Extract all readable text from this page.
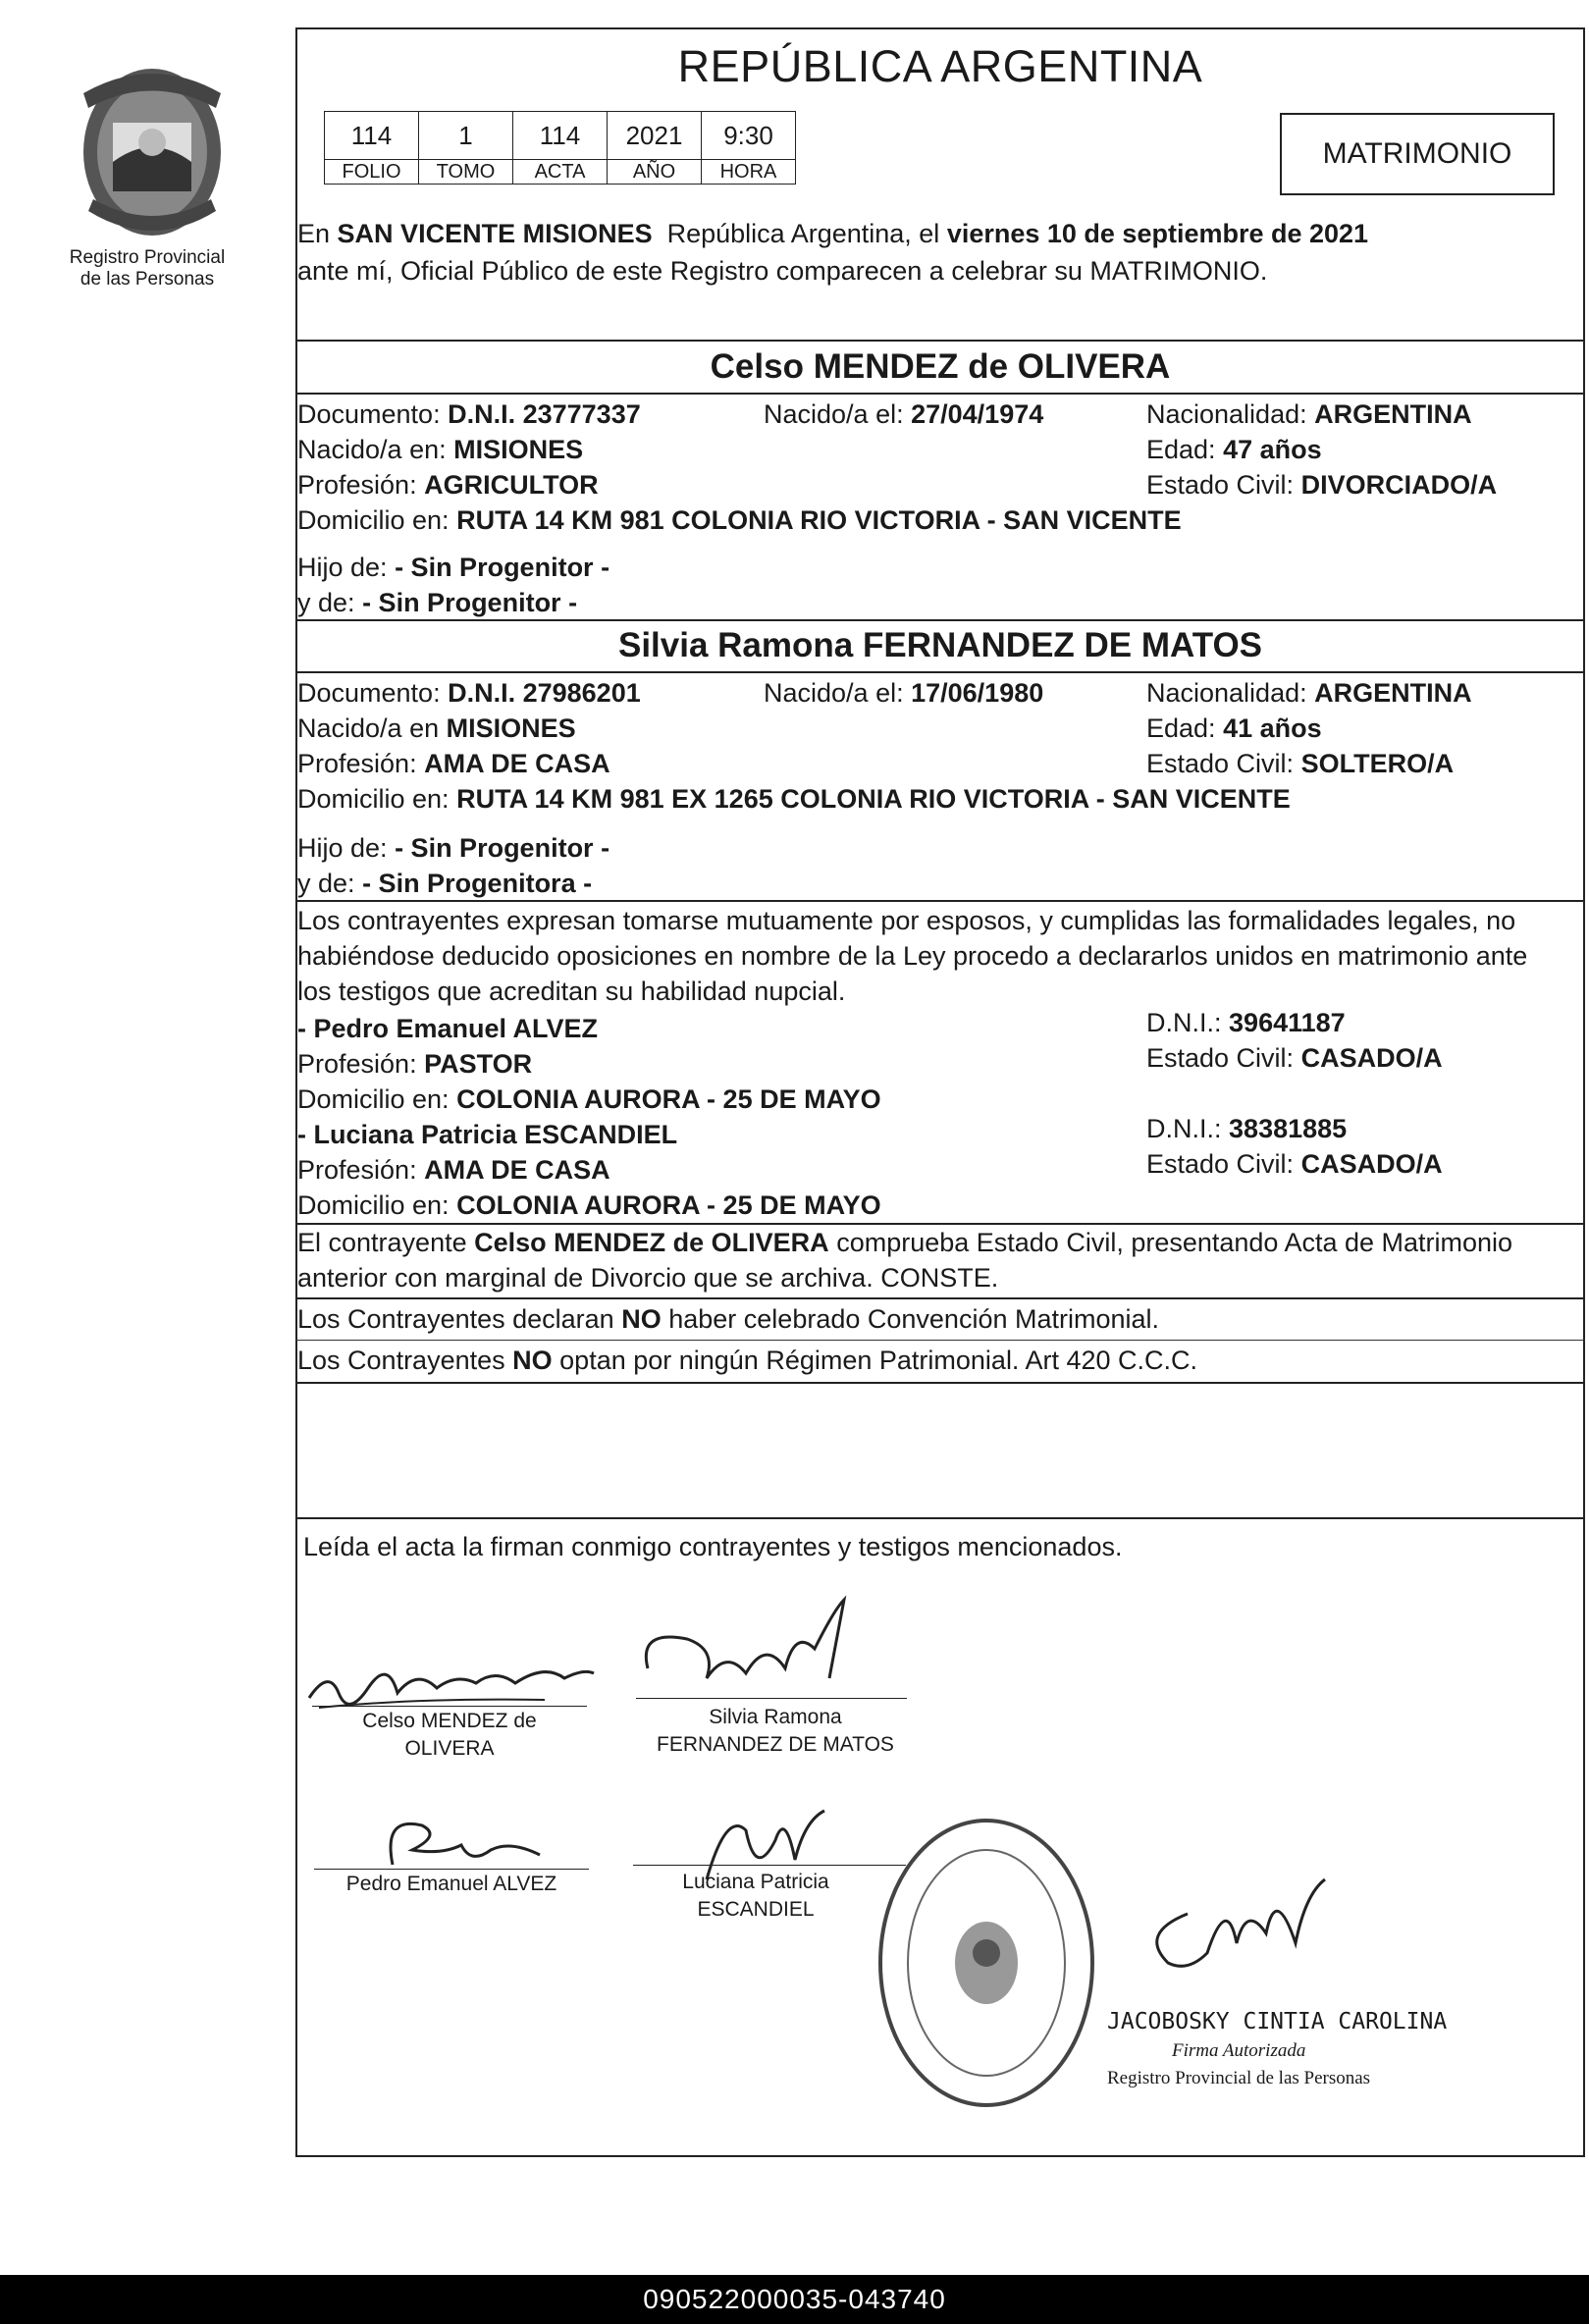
Registro Provincial
de las Personas
REPÚBLICA ARGENTINA
114	1	114	2021	9:30
FOLIO	TOMO	ACTA	AÑO	HORA
MATRIMONIO
En SAN VICENTE MISIONES República Argentina, el viernes 10 de septiembre de 2021
ante mí, Oficial Público de este Registro comparecen a celebrar su MATRIMONIO.
Celso MENDEZ de OLIVERA
Documento: D.N.I. 23777337	Nacido/a el: 27/04/1974	Nacionalidad: ARGENTINA
Nacido/a en: MISIONES	Edad: 47 años
Profesión: AGRICULTOR	Estado Civil: DIVORCIADO/A
Domicilio en: RUTA 14 KM 981 COLONIA RIO VICTORIA - SAN VICENTE
Hijo de: - Sin Progenitor -
y de: - Sin Progenitor -
Silvia Ramona FERNANDEZ DE MATOS
Documento: D.N.I. 27986201	Nacido/a el: 17/06/1980	Nacionalidad: ARGENTINA
Nacido/a en MISIONES	Edad: 41 años
Profesión: AMA DE CASA	Estado Civil: SOLTERO/A
Domicilio en: RUTA 14 KM 981 EX 1265 COLONIA RIO VICTORIA - SAN VICENTE
Hijo de: - Sin Progenitor -
y de: - Sin Progenitora -
Los contrayentes expresan tomarse mutuamente por esposos, y cumplidas las formalidades legales, no
habiéndose deducido oposiciones en nombre de la Ley procedo a declararlos unidos en matrimonio ante
los testigos que acreditan su habilidad nupcial.
- Pedro Emanuel ALVEZ	D.N.I.: 39641187
Profesión: PASTOR	Estado Civil: CASADO/A
Domicilio en: COLONIA AURORA - 25 DE MAYO
- Luciana Patricia ESCANDIEL	D.N.I.: 38381885
Profesión: AMA DE CASA	Estado Civil: CASADO/A
Domicilio en: COLONIA AURORA - 25 DE MAYO
El contrayente Celso MENDEZ de OLIVERA comprueba Estado Civil, presentando Acta de Matrimonio
anterior con marginal de Divorcio que se archiva. CONSTE.
Los Contrayentes declaran NO haber celebrado Convención Matrimonial.
Los Contrayentes NO optan por ningún Régimen Patrimonial. Art 420 C.C.C.
Leída el acta la firman conmigo contrayentes y testigos mencionados.
Celso MENDEZ de
OLIVERA
Silvia Ramona
FERNANDEZ DE MATOS
Pedro Emanuel ALVEZ	Luciana Patricia
ESCANDIEL
JACOBOSKY CINTIA CAROLINA
Firma Autorizada
Registro Provincial de las Personas
090522000035-043740
